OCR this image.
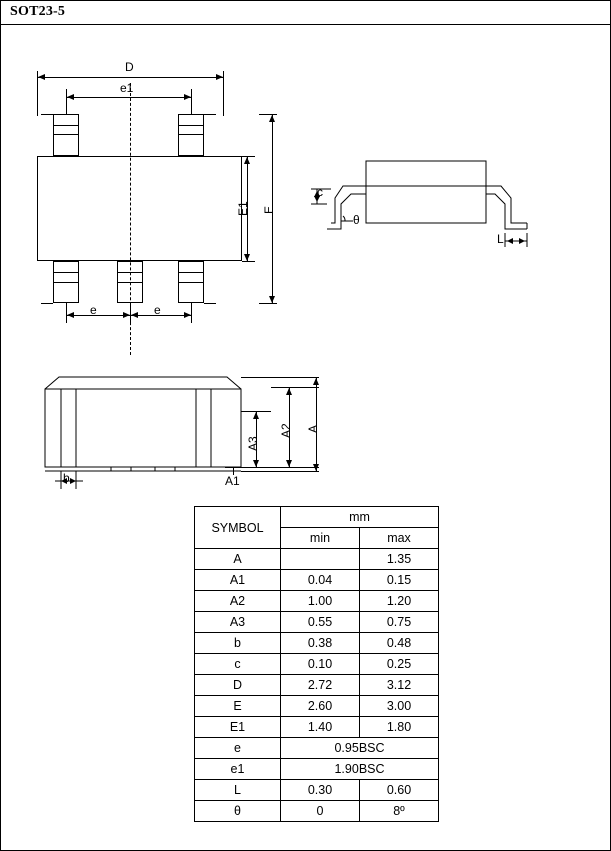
SOT23-5
D
e1
E1 E
e	e
c
θ
L
b
A3
A2 A
A1
SYMBOL	mm	
	min	max
A		1.35
A1	0.04	0.15
A2	1.00	1.20
A3	0.55	0.75
b	0.38	0.48
c	0.10	0.25
D	2.72	3.12
E	2.60	3.00
E1	1.40	1.80
e	0.95BSC	
e1	1.90BSC	
L	0.30	0.60
θ	0	8º
